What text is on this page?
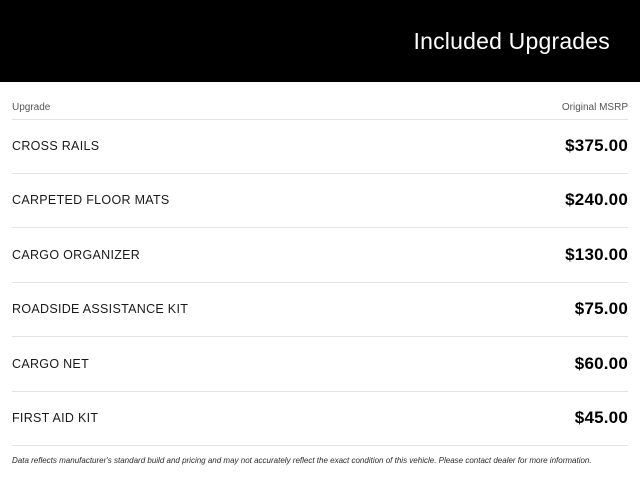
Included Upgrades
Upgrade	Original MSRP
CROSS RAILS	$375.00
CARPETED FLOOR MATS	$240.00
CARGO ORGANIZER	$130.00
ROADSIDE ASSISTANCE KIT	$75.00
CARGO NET	$60.00
FIRST AID KIT	$45.00
Data reflects manufacturer's standard build and pricing and may not accurately reflect the exact condition of this vehicle. Please contact dealer for more information.
